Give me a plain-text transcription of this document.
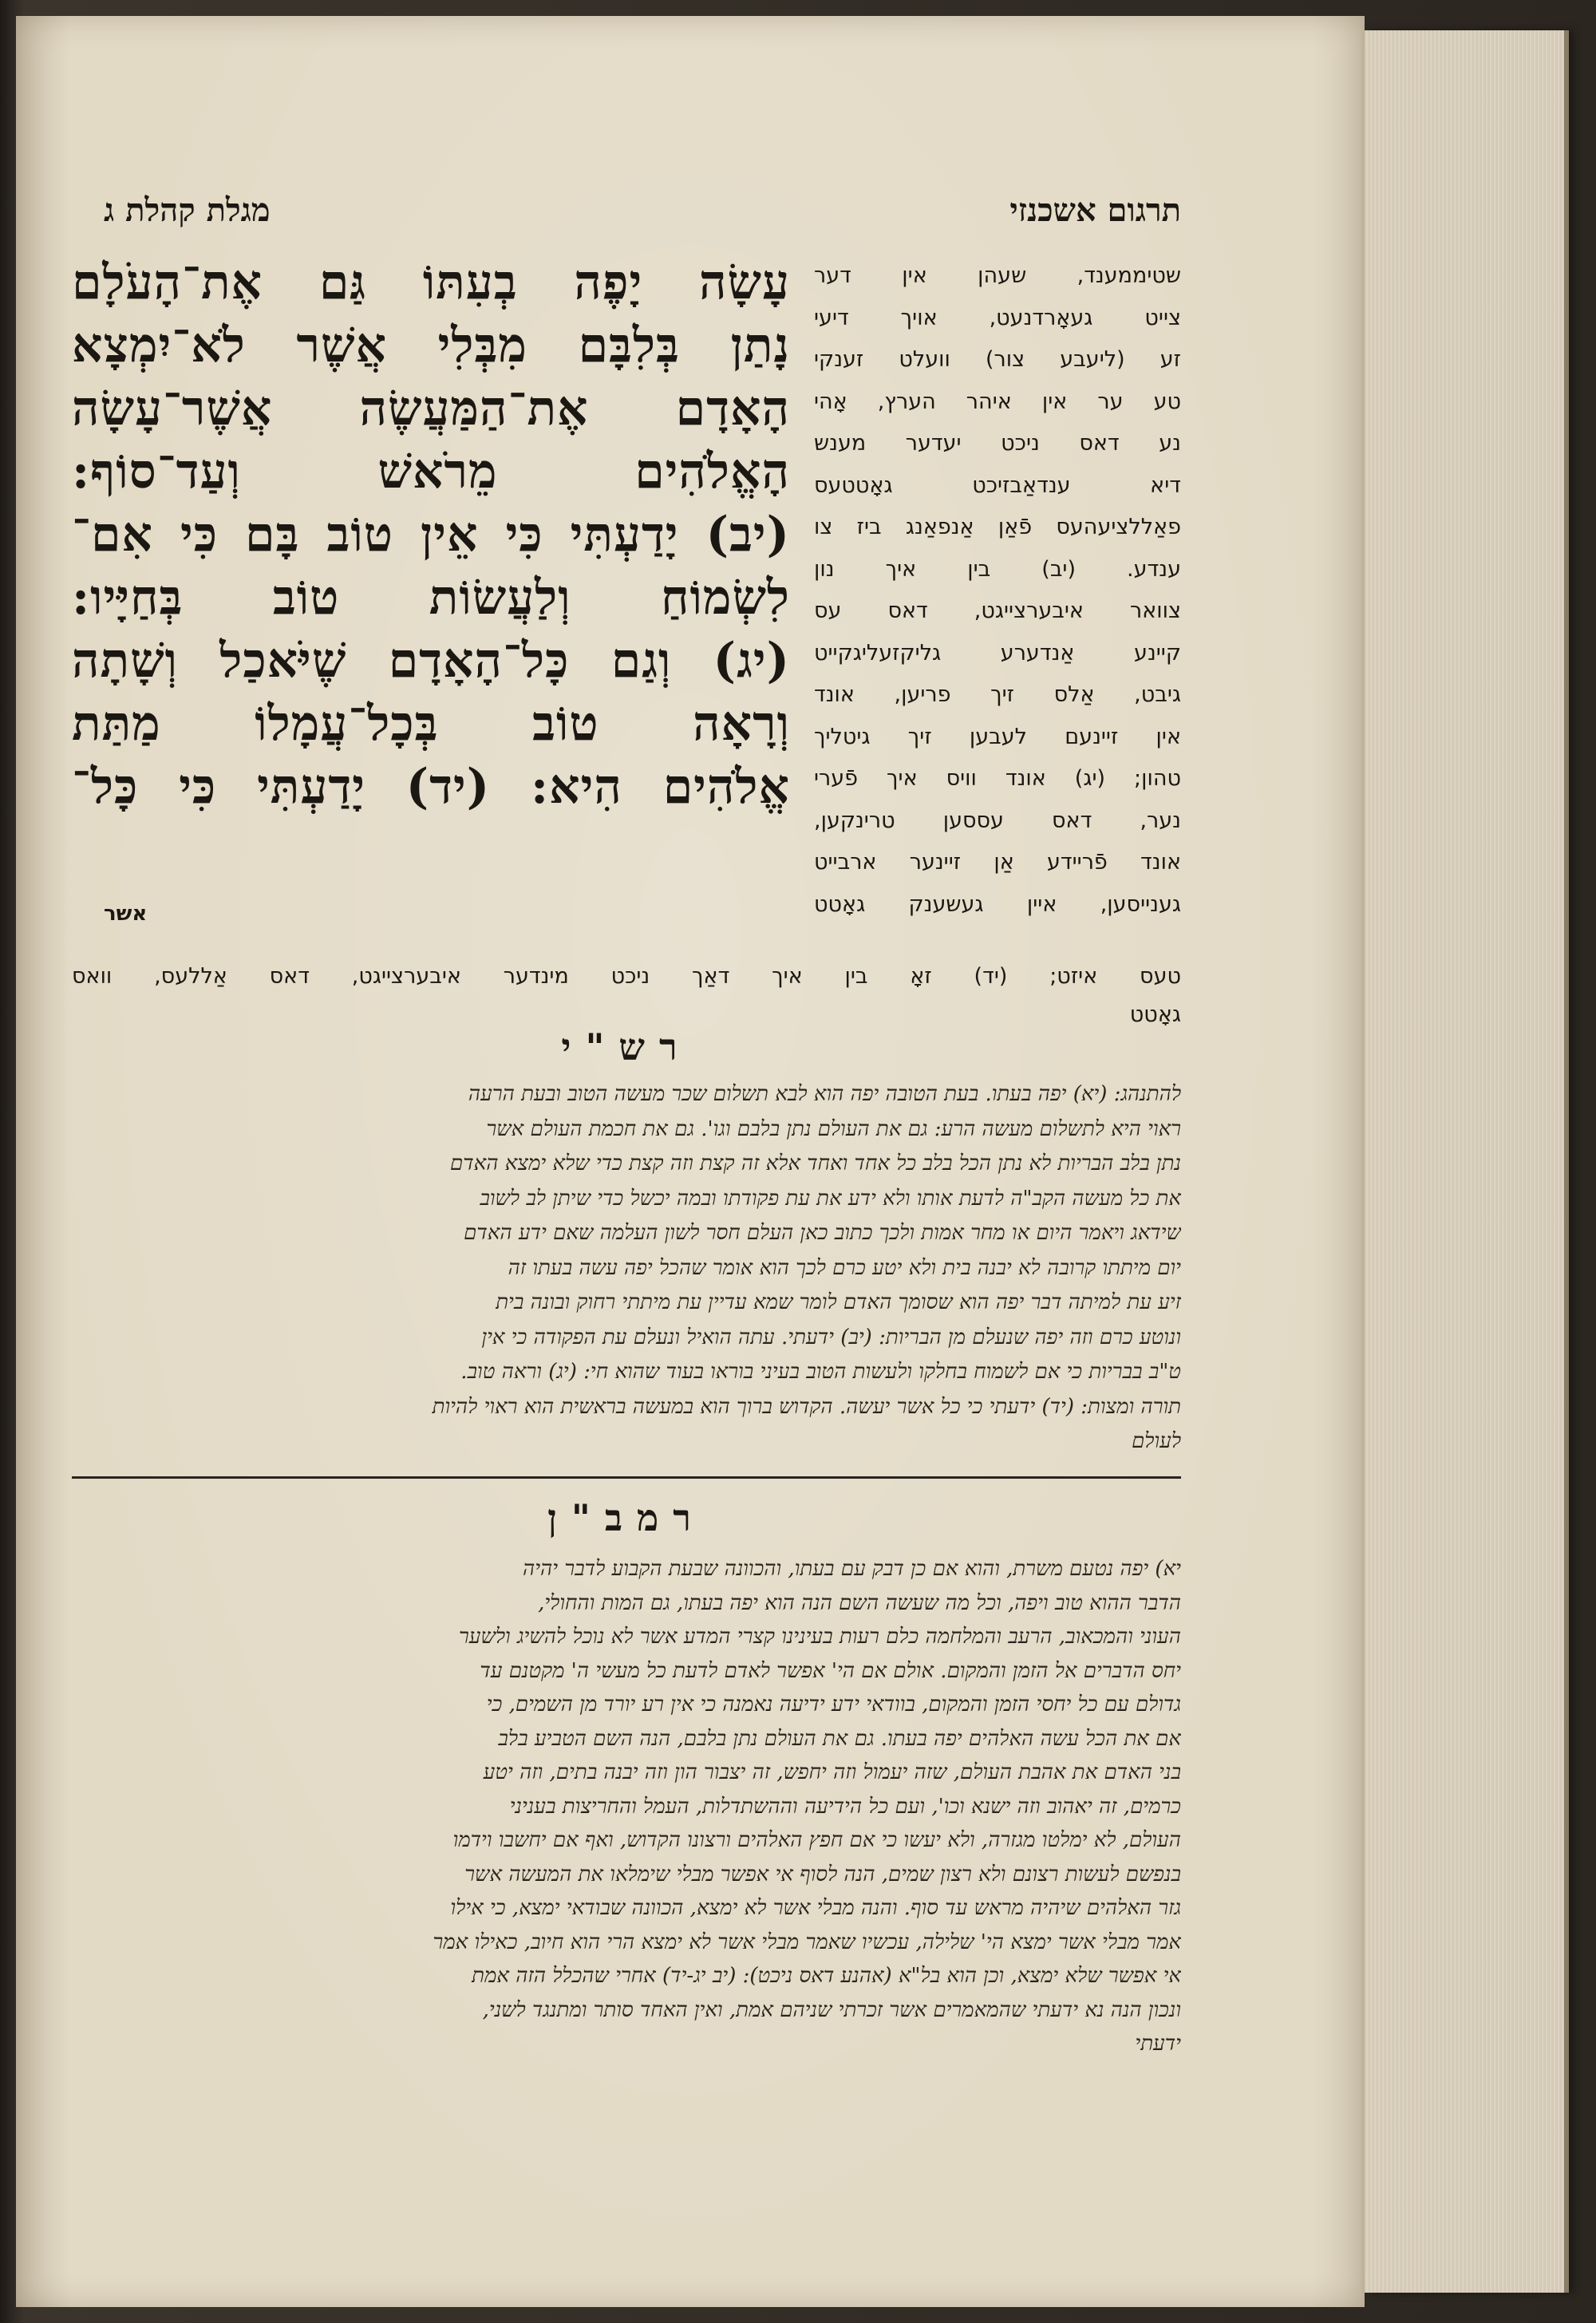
תרגום אשכנזי
מגלת קהלת ג
שטיממענד, שעהן אין דער
צייט געאָרדנעט, אויך דיעי
זע (ליעבע צור) וועלט זענקי
טע ער אין איהר הערץ, אָהי
נע דאס ניכט יעדער מענש
דיא ענדאַבזיכט גאָטטעס
פאַללציעהעס פֿאַן אַנפאַנג ביז צו
ענדע. (יב) בין איך נון
צוואר איבערצייגט, דאס עס
קיינע אַנדערע גליקזעליגקייט
גיבט, אַלס זיך פריען, אונד
אין זיינעם לעבען זיך גיטליך
טהון; (יג) אונד וויס איך פֿערי
נער, דאס עססען טרינקען,
אונד פֿריידע אַן זיינער ארבייט
גענייסען, איין געשענק גאָטט
עָשָׂה יָפֶה בְעִתּוֹ גַּם אֶת־הָעֹלָם
נָתַן בְּלִבָּם מִבְּלִי אֲשֶׁר לֹא־יִמְצָא
הָאָדָם אֶת־הַמַּעֲשֶׂה אֲשֶׁר־עָשָׂה
הָאֱלֹהִים מֵרֹאשׁ וְעַד־סוֹף:
(יב) יָדַעְתִּי כִּי אֵין טוֹב בָּם כִּי אִם־
לִשְׂמוֹחַ וְלַעֲשׂוֹת טוֹב בְּחַיָּיו:
(יג) וְגַם כָּל־הָאָדָם שֶׁיֹּאכַל וְשָׁתָה
וְרָאָה טוֹב בְּכָל־עֲמָלוֹ מַתַּת
אֱלֹהִים הִיא: (יד) יָדַעְתִּי כִּי כָּל־
אשר
טעס איזט; (יד) זאָ בין איך דאַך ניכט מינדער איבערצייגט, דאס אַללעס, וואס
גאָטט
רש"י
להתנהג: (יא) יפה בעתו. בעת הטובה יפה הוא לבא תשלום שכר מעשה הטוב ובעת הרעה
ראוי היא לתשלום מעשה הרע: גם את העולם נתן בלבם וגו'. גם את חכמת העולם אשר
נתן בלב הבריות לא נתן הכל בלב כל אחד ואחד אלא זה קצת וזה קצת כדי שלא ימצא האדם
את כל מעשה הקב"ה לדעת אותו ולא ידע את עת פקודתו ובמה יכשל כדי שיתן לב לשוב
שידאג ויאמר היום או מחר אמות ולכך כתוב כאן העלם חסר לשון העלמה שאם ידע האדם
יום מיתתו קרובה לא יבנה בית ולא יטע כרם לכך הוא אומר שהכל יפה עשה בעתו זה
זיע עת למיתה דבר יפה הוא שסומך האדם לומר שמא עדיין עת מיתתי רחוק ובונה בית
ונוטע כרם וזה יפה שנעלם מן הבריות: (יב) ידעתי. עתה הואיל ונעלם עת הפקודה כי אין
ט"ב בבריות כי אם לשמוח בחלקו ולעשות הטוב בעיני בוראו בעוד שהוא חי: (יג) וראה טוב.
תורה ומצות: (יד) ידעתי כי כל אשר יעשה. הקדוש ברוך הוא במעשה בראשית הוא ראוי להיות
לעולם
רמב"ן
יא) יפה נטעם משרת, והוא אם כן דבק עם בעתו, והכוונה שבעת הקבוע לדבר יהיה
הדבר ההוא טוב ויפה, וכל מה שעשה השם הנה הוא יפה בעתו, גם המות והחולי,
העוני והמכאוב, הרעב והמלחמה כלם רעות בעינינו קצרי המדע אשר לא נוכל להשיג ולשער
יחס הדברים אל הזמן והמקום. אולם אם הי' אפשר לאדם לדעת כל מעשי ה' מקטנם עד
גדולם עם כל יחסי הזמן והמקום, בוודאי ידע ידיעה נאמנה כי אין רע יורד מן השמים, כי
אם את הכל עשה האלהים יפה בעתו. גם את העולם נתן בלבם, הנה השם הטביע בלב
בני האדם את אהבת העולם, שזה יעמול וזה יחפש, זה יצבור הון וזה יבנה בתים, וזה יטע
כרמים, זה יאהוב וזה ישנא וכו', ועם כל הידיעה וההשתדלות, העמל והחריצות בעניני
העולם, לא ימלטו מגזרה, ולא יעשו כי אם חפץ האלהים ורצונו הקדוש, ואף אם יחשבו וידמו
בנפשם לעשות רצונם ולא רצון שמים, הנה לסוף אי אפשר מבלי שימלאו את המעשה אשר
גזר האלהים שיהיה מראש עד סוף. והנה מבלי אשר לא ימצא, הכוונה שבודאי ימצא, כי אילו
אמר מבלי אשר ימצא הי' שלילה, עכשיו שאמר מבלי אשר לא ימצא הרי הוא חיוב, כאילו אמר
אי אפשר שלא ימצא, וכן הוא בל"א (אהנע דאס ניכט): (יב יג-יד) אחרי שהכלל הזה אמת
ונכון הנה נא ידעתי שהמאמרים אשר זכרתי שניהם אמת, ואין האחד סותר ומתנגד לשני,
ידעתי
